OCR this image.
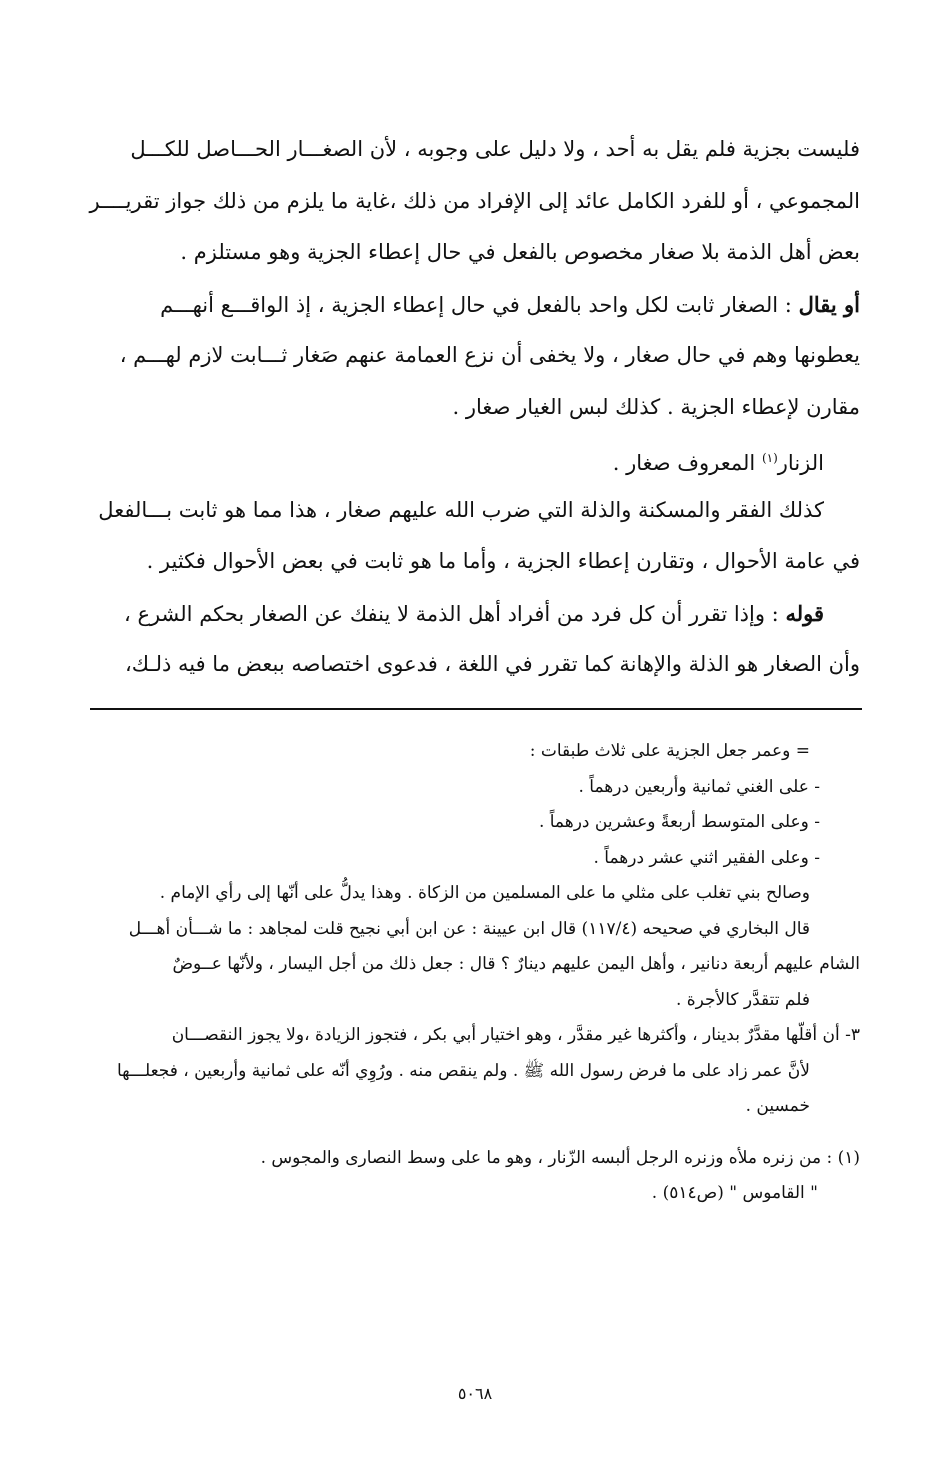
فليست بجزية فلم يقل به أحد ، ولا دليل على وجوبه ، لأن الصغـــار الحـــاصل للكـــل
المجموعي ، أو للفرد الكامل عائد إلى الإفراد من ذلك ،غاية ما يلزم من ذلك جواز تقريــــر
بعض أهل الذمة بلا صغار مخصوص بالفعل في حال إعطاء الجزية وهو مستلزم .
أو يقال : الصغار ثابت لكل واحد بالفعل في حال إعطاء الجزية ، إذ الواقـــع أنهـــم
يعطونها وهم في حال صغار ، ولا يخفى أن نزع العمامة عنهم صَغار ثـــابت لازم لهـــم ،
مقارن لإعطاء الجزية . كذلك لبس الغيار صغار .
الزنار$^{(١)}$ المعروف صغار .
كذلك الفقر والمسكنة والذلة التي ضرب الله عليهم صغار ، هذا مما هو ثابت بـــالفعل
في عامة الأحوال ، وتقارن إعطاء الجزية ، وأما ما هو ثابت في بعض الأحوال فكثير .
قوله : وإذا تقرر أن كل فرد من أفراد أهل الذمة لا ينفك عن الصغار بحكم الشرع ،
وأن الصغار هو الذلة والإهانة كما تقرر في اللغة ، فدعوى اختصاصه ببعض ما فيه ذلـك،
= وعمر جعل الجزية على ثلاث طبقات :
- على الغني ثمانية وأربعين درهماً .
- وعلى المتوسط أربعةً وعشرين درهماً .
- وعلى الفقير اثني عشر درهماً .
وصالح بني تغلب على مثلي ما على المسلمين من الزكاة . وهذا يدلُّ على أنّها إلى رأي الإمام .
قال البخاري في صحيحه (١١٧/٤) قال ابن عيينة : عن ابن أبي نجيح قلت لمجاهد : ما شـــأن أهـــل
الشام عليهم أربعة دنانير ، وأهل اليمن عليهم دينارٌ ؟ قال : جعل ذلك من أجل اليسار ، ولأنّها عــوضٌ
فلم تتقدَّر كالأجرة .
٣- أن أقلّها مقدَّرٌ بدينار ، وأكثرها غير مقدَّر ، وهو اختيار أبي بكر ، فتجوز الزيادة ،ولا يجوز النقصـــان
لأنَّ عمر زاد على ما فرض رسول الله ﷺ . ولم ينقص منه . ورُوِي أنّه على ثمانية وأربعين ، فجعلـــها
خمسين .
(١) : من زنره ملأه وزنره الرجل ألبسه الزّنار ، وهو ما على وسط النصارى والمجوس .
" القاموس " (ص٥١٤) .
٥٠٦٨
